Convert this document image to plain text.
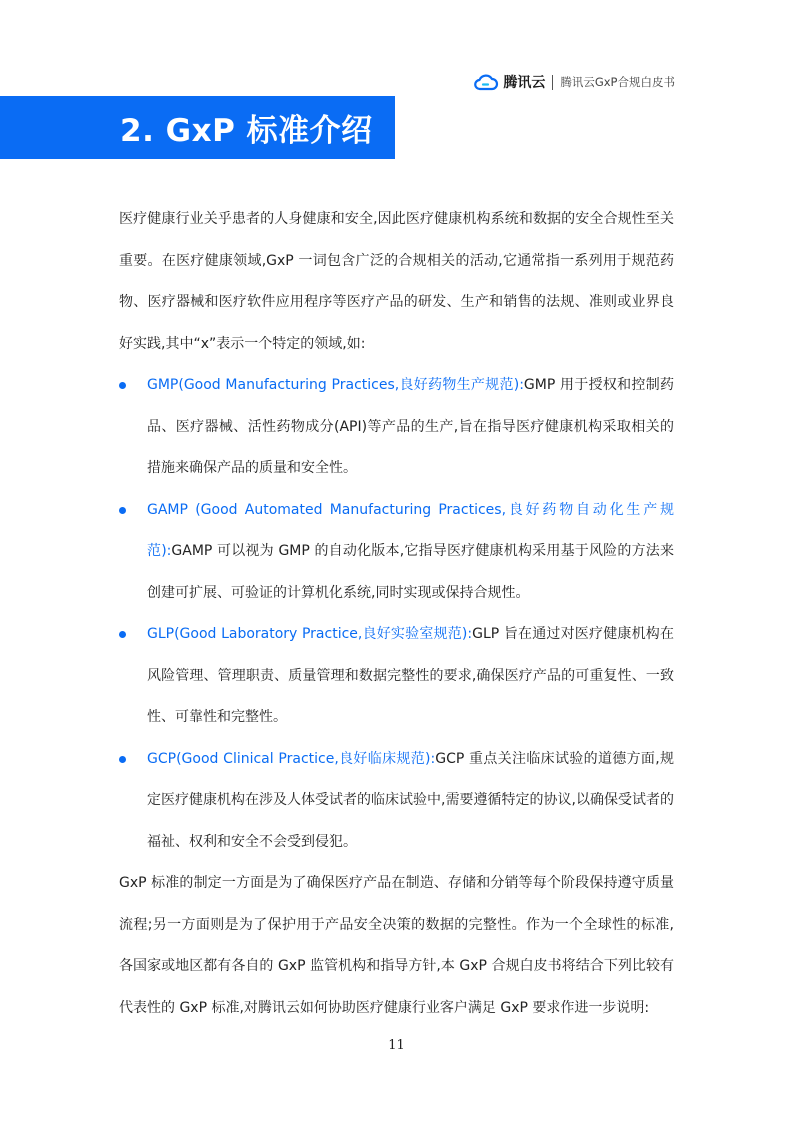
腾讯云 腾讯云GxP合规白皮书
2. GxP 标准介绍

医疗健康行业关乎患者的人身健康和安全,因此医疗健康机构系统和数据的安全合规性至关重要。在医疗健康领域,GxP 一词包含广泛的合规相关的活动,它通常指一系列用于规范药物、医疗器械和医疗软件应用程序等医疗产品的研发、生产和销售的法规、准则或业界良好实践,其中“x”表示一个特定的领域,如:

GMP(Good Manufacturing Practices,良好药物生产规范):GMP 用于授权和控制药品、医疗器械、活性药物成分(API)等产品的生产,旨在指导医疗健康机构采取相关的措施来确保产品的质量和安全性。
GAMP (Good Automated Manufacturing Practices,良好药物自动化生产规范):GAMP 可以视为 GMP 的自动化版本,它指导医疗健康机构采用基于风险的方法来创建可扩展、可验证的计算机化系统,同时实现或保持合规性。
GLP(Good Laboratory Practice,良好实验室规范):GLP 旨在通过对医疗健康机构在风险管理、管理职责、质量管理和数据完整性的要求,确保医疗产品的可重复性、一致性、可靠性和完整性。
GCP(Good Clinical Practice,良好临床规范):GCP 重点关注临床试验的道德方面,规定医疗健康机构在涉及人体受试者的临床试验中,需要遵循特定的协议,以确保受试者的福祉、权利和安全不会受到侵犯。

GxP 标准的制定一方面是为了确保医疗产品在制造、存储和分销等每个阶段保持遵守质量流程;另一方面则是为了保护用于产品安全决策的数据的完整性。作为一个全球性的标准,各国家或地区都有各自的 GxP 监管机构和指导方针,本 GxP 合规白皮书将结合下列比较有代表性的 GxP 标准,对腾讯云如何协助医疗健康行业客户满足 GxP 要求作进一步说明:

11
